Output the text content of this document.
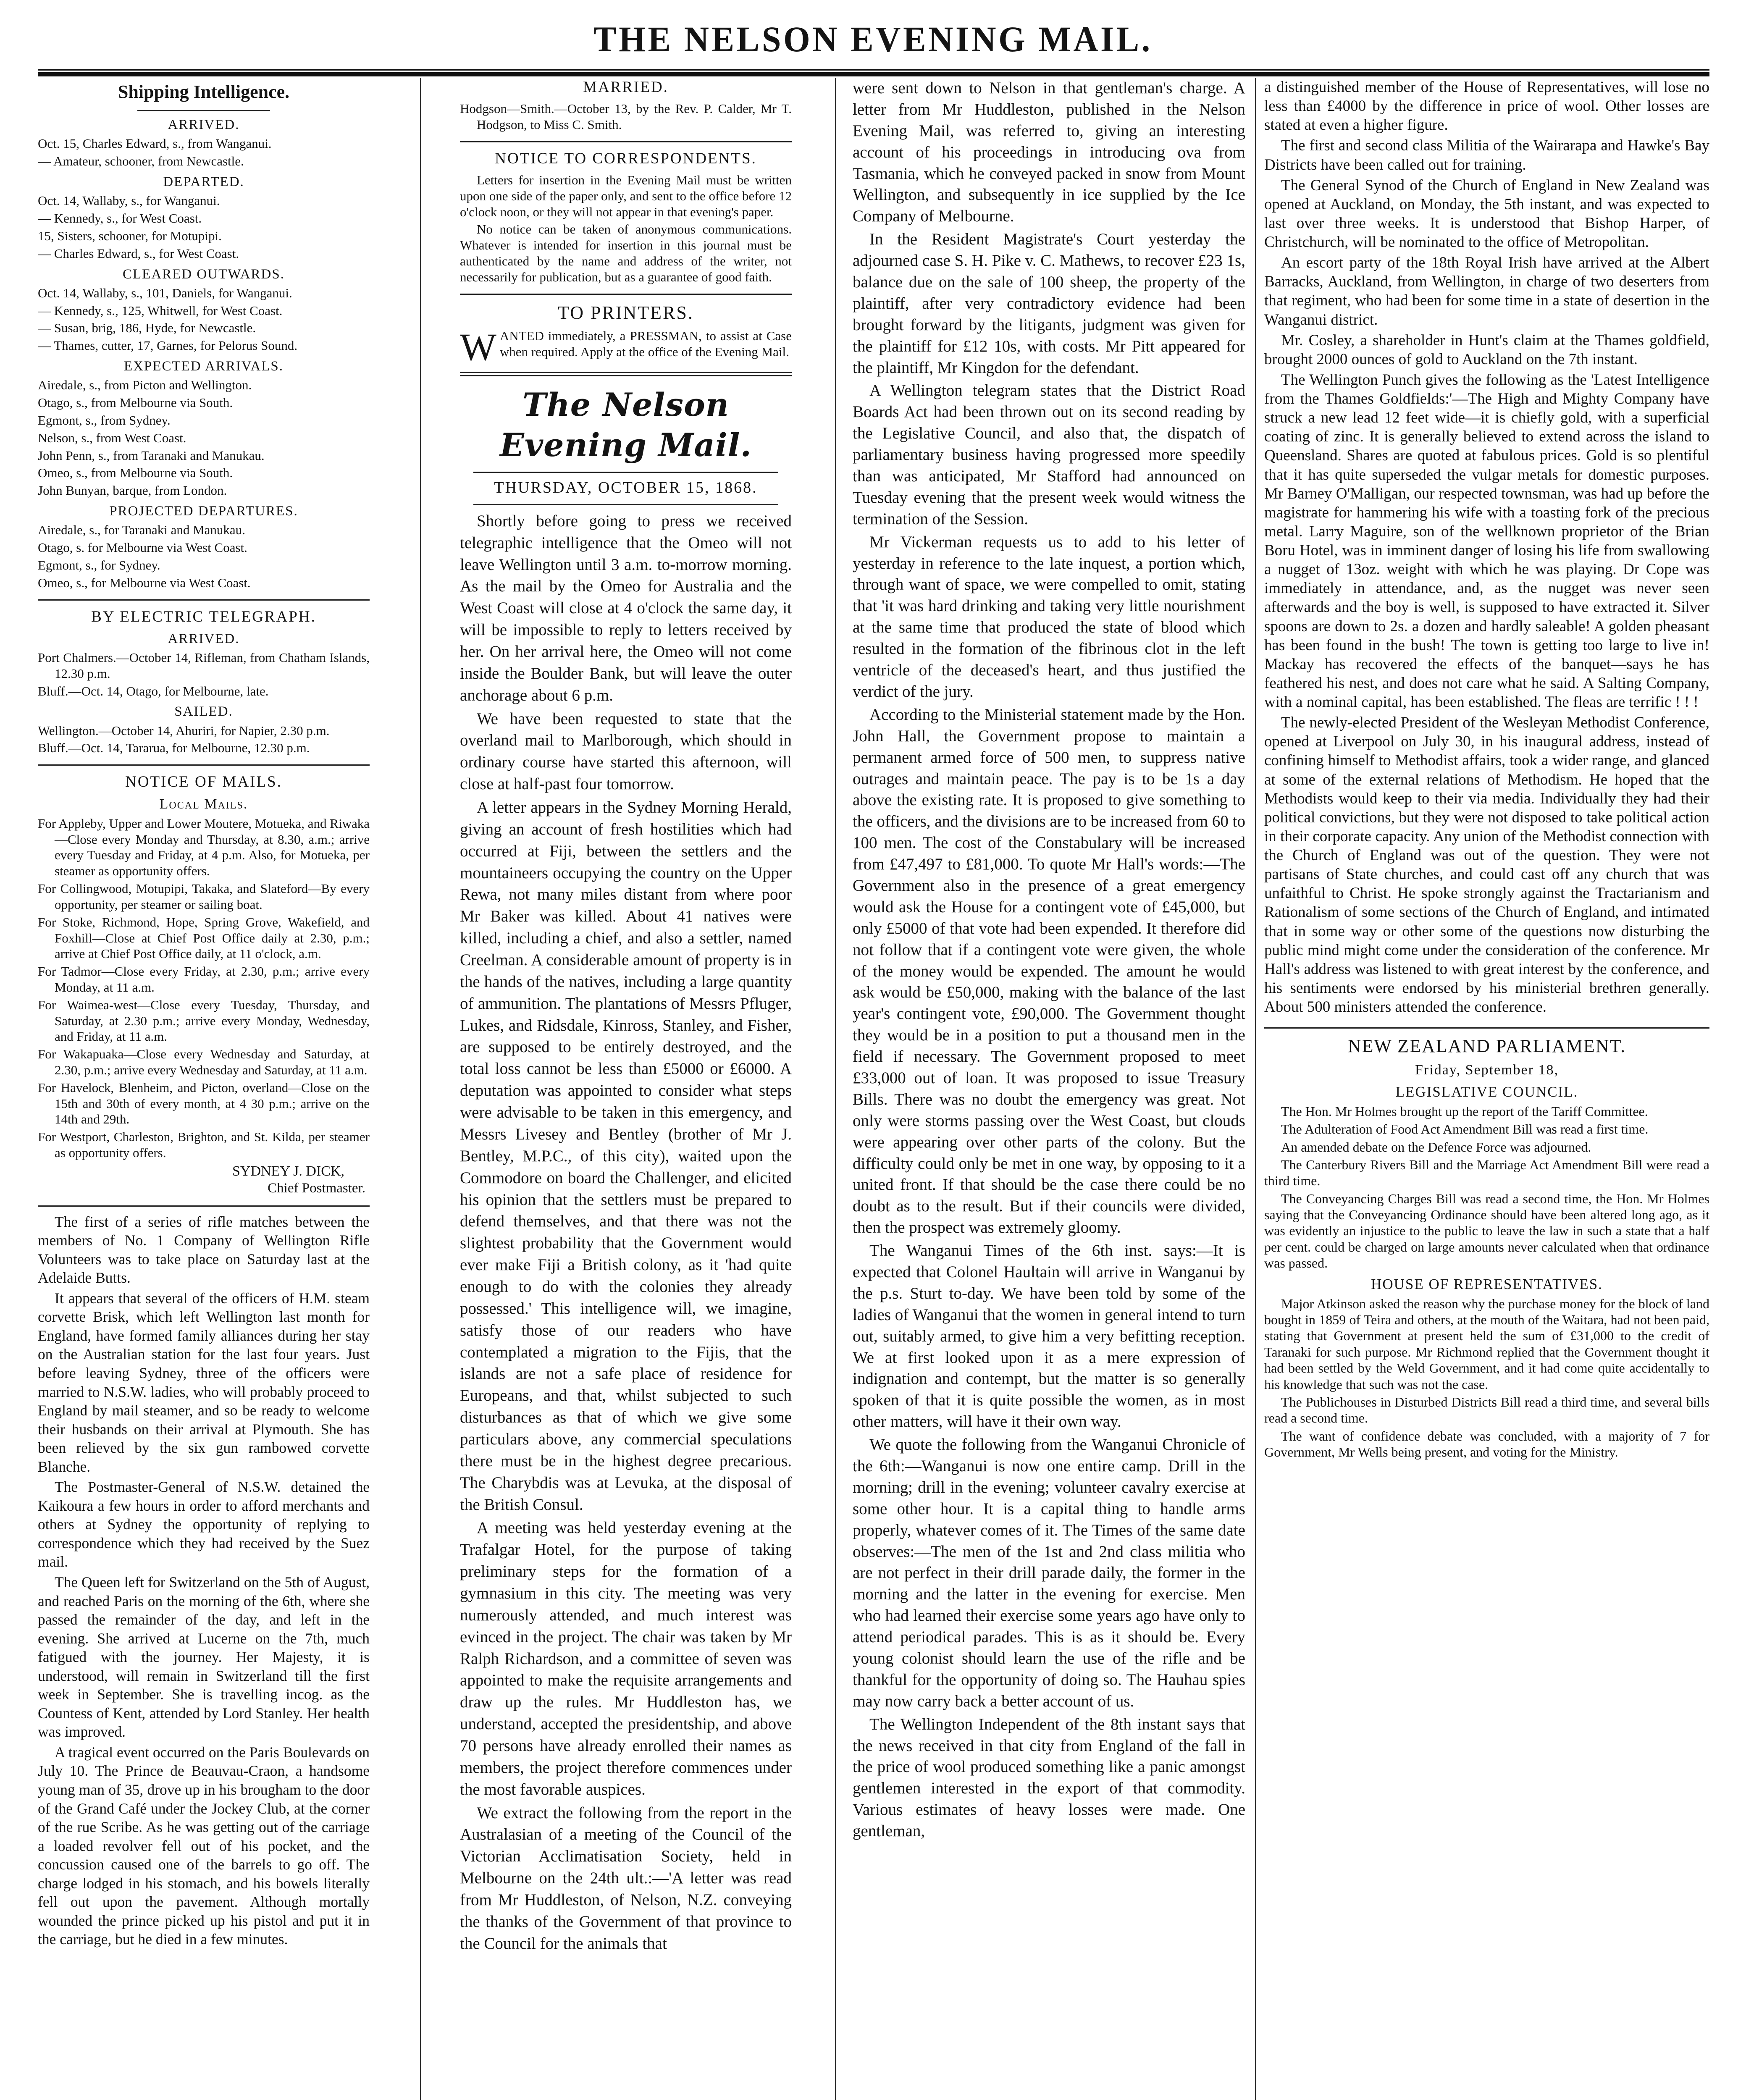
THE NELSON EVENING MAIL.
Shipping Intelligence.
ARRIVED.

Oct. 15, Charles Edward, s., from Wanganui.

— Amateur, schooner, from Newcastle.

DEPARTED.

Oct. 14, Wallaby, s., for Wanganui.

— Kennedy, s., for West Coast.

15, Sisters, schooner, for Motupipi.

— Charles Edward, s., for West Coast.

CLEARED OUTWARDS.

Oct. 14, Wallaby, s., 101, Daniels, for Wanganui.

— Kennedy, s., 125, Whitwell, for West Coast.

— Susan, brig, 186, Hyde, for Newcastle.

— Thames, cutter, 17, Garnes, for Pelorus Sound.

EXPECTED ARRIVALS.

Airedale, s., from Picton and Wellington.

Otago, s., from Melbourne via South.

Egmont, s., from Sydney.

Nelson, s., from West Coast.

John Penn, s., from Taranaki and Manukau.

Omeo, s., from Melbourne via South.

John Bunyan, barque, from London.

PROJECTED DEPARTURES.

Airedale, s., for Taranaki and Manukau.

Otago, s. for Melbourne via West Coast.

Egmont, s., for Sydney.

Omeo, s., for Melbourne via West Coast.

BY ELECTRIC TELEGRAPH.
ARRIVED.

Port Chalmers.—October 14, Rifleman, from Chatham Islands, 12.30 p.m.

Bluff.—Oct. 14, Otago, for Melbourne, late.

SAILED.

Wellington.—October 14, Ahuriri, for Napier, 2.30 p.m.

Bluff.—Oct. 14, Tararua, for Melbourne, 12.30 p.m.

NOTICE OF MAILS.
Local Mails.

For Appleby, Upper and Lower Moutere, Motueka, and Riwaka—Close every Monday and Thursday, at 8.30, a.m.; arrive every Tuesday and Friday, at 4 p.m. Also, for Motueka, per steamer as opportunity offers.

For Collingwood, Motupipi, Takaka, and Slateford—By every opportunity, per steamer or sailing boat.

For Stoke, Richmond, Hope, Spring Grove, Wakefield, and Foxhill—Close at Chief Post Office daily at 2.30, p.m.; arrive at Chief Post Office daily, at 11 o'clock, a.m.

For Tadmor—Close every Friday, at 2.30, p.m.; arrive every Monday, at 11 a.m.

For Waimea-west—Close every Tuesday, Thursday, and Saturday, at 2.30 p.m.; arrive every Monday, Wednesday, and Friday, at 11 a.m.

For Wakapuaka—Close every Wednesday and Saturday, at 2.30, p.m.; arrive every Wednesday and Saturday, at 11 a.m.

For Havelock, Blenheim, and Picton, overland—Close on the 15th and 30th of every month, at 4 30 p.m.; arrive on the 14th and 29th.

For Westport, Charleston, Brighton, and St. Kilda, per steamer as opportunity offers.

SYDNEY J. DICK,
Chief Postmaster.

The first of a series of rifle matches between the members of No. 1 Company of Wellington Rifle Volunteers was to take place on Saturday last at the Adelaide Butts.

It appears that several of the officers of H.M. steam corvette Brisk, which left Wellington last month for England, have formed family alliances during her stay on the Australian station for the last four years. Just before leaving Sydney, three of the officers were married to N.S.W. ladies, who will probably proceed to England by mail steamer, and so be ready to welcome their husbands on their arrival at Plymouth. She has been relieved by the six gun rambowed corvette Blanche.

The Postmaster-General of N.S.W. detained the Kaikoura a few hours in order to afford merchants and others at Sydney the opportunity of replying to correspondence which they had received by the Suez mail.

The Queen left for Switzerland on the 5th of August, and reached Paris on the morning of the 6th, where she passed the remainder of the day, and left in the evening. She arrived at Lucerne on the 7th, much fatigued with the journey. Her Majesty, it is understood, will remain in Switzerland till the first week in September. She is travelling incog. as the Countess of Kent, attended by Lord Stanley. Her health was improved.

A tragical event occurred on the Paris Boulevards on July 10. The Prince de Beauvau-Craon, a handsome young man of 35, drove up in his brougham to the door of the Grand Café under the Jockey Club, at the corner of the rue Scribe. As he was getting out of the carriage a loaded revolver fell out of his pocket, and the concussion caused one of the barrels to go off. The charge lodged in his stomach, and his bowels literally fell out upon the pavement. Although mortally wounded the prince picked up his pistol and put it in the carriage, but he died in a few minutes.

MARRIED.

Hodgson—Smith.—October 13, by the Rev. P. Calder, Mr T. Hodgson, to Miss C. Smith.

NOTICE TO CORRESPONDENTS.

Letters for insertion in the Evening Mail must be written upon one side of the paper only, and sent to the office before 12 o'clock noon, or they will not appear in that evening's paper.

No notice can be taken of anonymous communications. Whatever is intended for insertion in this journal must be authenticated by the name and address of the writer, not necessarily for publication, but as a guarantee of good faith.

TO PRINTERS.

WANTED immediately, a PRESSMAN, to assist at Case when required. Apply at the office of the Evening Mail.

The Nelson Evening Mail.
THURSDAY, OCTOBER 15, 1868.

Shortly before going to press we received telegraphic intelligence that the Omeo will not leave Wellington until 3 a.m. to-morrow morning. As the mail by the Omeo for Australia and the West Coast will close at 4 o'clock the same day, it will be impossible to reply to letters received by her. On her arrival here, the Omeo will not come inside the Boulder Bank, but will leave the outer anchorage about 6 p.m.

We have been requested to state that the overland mail to Marlborough, which should in ordinary course have started this afternoon, will close at half-past four tomorrow.

A letter appears in the Sydney Morning Herald, giving an account of fresh hostilities which had occurred at Fiji, between the settlers and the mountaineers occupying the country on the Upper Rewa, not many miles distant from where poor Mr Baker was killed. About 41 natives were killed, including a chief, and also a settler, named Creelman. A considerable amount of property is in the hands of the natives, including a large quantity of ammunition. The plantations of Messrs Pfluger, Lukes, and Ridsdale, Kinross, Stanley, and Fisher, are supposed to be entirely destroyed, and the total loss cannot be less than £5000 or £6000. A deputation was appointed to consider what steps were advisable to be taken in this emergency, and Messrs Livesey and Bentley (brother of Mr J. Bentley, M.P.C., of this city), waited upon the Commodore on board the Challenger, and elicited his opinion that the settlers must be prepared to defend themselves, and that there was not the slightest probability that the Government would ever make Fiji a British colony, as it 'had quite enough to do with the colonies they already possessed.' This intelligence will, we imagine, satisfy those of our readers who have contemplated a migration to the Fijis, that the islands are not a safe place of residence for Europeans, and that, whilst subjected to such disturbances as that of which we give some particulars above, any commercial speculations there must be in the highest degree precarious. The Charybdis was at Levuka, at the disposal of the British Consul.

A meeting was held yesterday evening at the Trafalgar Hotel, for the purpose of taking preliminary steps for the formation of a gymnasium in this city. The meeting was very numerously attended, and much interest was evinced in the project. The chair was taken by Mr Ralph Richardson, and a committee of seven was appointed to make the requisite arrangements and draw up the rules. Mr Huddleston has, we understand, accepted the presidentship, and above 70 persons have already enrolled their names as members, the project therefore commences under the most favorable auspices.

We extract the following from the report in the Australasian of a meeting of the Council of the Victorian Acclimatisation Society, held in Melbourne on the 24th ult.:—'A letter was read from Mr Huddleston, of Nelson, N.Z. conveying the thanks of the Government of that province to the Council for the animals that

were sent down to Nelson in that gentleman's charge. A letter from Mr Huddleston, published in the Nelson Evening Mail, was referred to, giving an interesting account of his proceedings in introducing ova from Tasmania, which he conveyed packed in snow from Mount Wellington, and subsequently in ice supplied by the Ice Company of Melbourne.

In the Resident Magistrate's Court yesterday the adjourned case S. H. Pike v. C. Mathews, to recover £23 1s, balance due on the sale of 100 sheep, the property of the plaintiff, after very contradictory evidence had been brought forward by the litigants, judgment was given for the plaintiff for £12 10s, with costs. Mr Pitt appeared for the plaintiff, Mr Kingdon for the defendant.

A Wellington telegram states that the District Road Boards Act had been thrown out on its second reading by the Legislative Council, and also that, the dispatch of parliamentary business having progressed more speedily than was anticipated, Mr Stafford had announced on Tuesday evening that the present week would witness the termination of the Session.

Mr Vickerman requests us to add to his letter of yesterday in reference to the late inquest, a portion which, through want of space, we were compelled to omit, stating that 'it was hard drinking and taking very little nourishment at the same time that produced the state of blood which resulted in the formation of the fibrinous clot in the left ventricle of the deceased's heart, and thus justified the verdict of the jury.

According to the Ministerial statement made by the Hon. John Hall, the Government propose to maintain a permanent armed force of 500 men, to suppress native outrages and maintain peace. The pay is to be 1s a day above the existing rate. It is proposed to give something to the officers, and the divisions are to be increased from 60 to 100 men. The cost of the Constabulary will be increased from £47,497 to £81,000. To quote Mr Hall's words:—The Government also in the presence of a great emergency would ask the House for a contingent vote of £45,000, but only £5000 of that vote had been expended. It therefore did not follow that if a contingent vote were given, the whole of the money would be expended. The amount he would ask would be £50,000, making with the balance of the last year's contingent vote, £90,000. The Government thought they would be in a position to put a thousand men in the field if necessary. The Government proposed to meet £33,000 out of loan. It was proposed to issue Treasury Bills. There was no doubt the emergency was great. Not only were storms passing over the West Coast, but clouds were appearing over other parts of the colony. But the difficulty could only be met in one way, by opposing to it a united front. If that should be the case there could be no doubt as to the result. But if their councils were divided, then the prospect was extremely gloomy.

The Wanganui Times of the 6th inst. says:—It is expected that Colonel Haultain will arrive in Wanganui by the p.s. Sturt to-day. We have been told by some of the ladies of Wanganui that the women in general intend to turn out, suitably armed, to give him a very befitting reception. We at first looked upon it as a mere expression of indignation and contempt, but the matter is so generally spoken of that it is quite possible the women, as in most other matters, will have it their own way.

We quote the following from the Wanganui Chronicle of the 6th:—Wanganui is now one entire camp. Drill in the morning; drill in the evening; volunteer cavalry exercise at some other hour. It is a capital thing to handle arms properly, whatever comes of it. The Times of the same date observes:—The men of the 1st and 2nd class militia who are not perfect in their drill parade daily, the former in the morning and the latter in the evening for exercise. Men who had learned their exercise some years ago have only to attend periodical parades. This is as it should be. Every young colonist should learn the use of the rifle and be thankful for the opportunity of doing so. The Hauhau spies may now carry back a better account of us.

The Wellington Independent of the 8th instant says that the news received in that city from England of the fall in the price of wool produced something like a panic amongst gentlemen interested in the export of that commodity. Various estimates of heavy losses were made. One gentleman,

a distinguished member of the House of Representatives, will lose no less than £4000 by the difference in price of wool. Other losses are stated at even a higher figure.

The first and second class Militia of the Wairarapa and Hawke's Bay Districts have been called out for training.

The General Synod of the Church of England in New Zealand was opened at Auckland, on Monday, the 5th instant, and was expected to last over three weeks. It is understood that Bishop Harper, of Christchurch, will be nominated to the office of Metropolitan.

An escort party of the 18th Royal Irish have arrived at the Albert Barracks, Auckland, from Wellington, in charge of two deserters from that regiment, who had been for some time in a state of desertion in the Wanganui district.

Mr. Cosley, a shareholder in Hunt's claim at the Thames goldfield, brought 2000 ounces of gold to Auckland on the 7th instant.

The Wellington Punch gives the following as the 'Latest Intelligence from the Thames Goldfields:'—The High and Mighty Company have struck a new lead 12 feet wide—it is chiefly gold, with a superficial coating of zinc. It is generally believed to extend across the island to Queensland. Shares are quoted at fabulous prices. Gold is so plentiful that it has quite superseded the vulgar metals for domestic purposes. Mr Barney O'Malligan, our respected townsman, was had up before the magistrate for hammering his wife with a toasting fork of the precious metal. Larry Maguire, son of the wellknown proprietor of the Brian Boru Hotel, was in imminent danger of losing his life from swallowing a nugget of 13oz. weight with which he was playing. Dr Cope was immediately in attendance, and, as the nugget was never seen afterwards and the boy is well, is supposed to have extracted it. Silver spoons are down to 2s. a dozen and hardly saleable! A golden pheasant has been found in the bush! The town is getting too large to live in! Mackay has recovered the effects of the banquet—says he has feathered his nest, and does not care what he said. A Salting Company, with a nominal capital, has been established. The fleas are terrific ! ! !

The newly-elected President of the Wesleyan Methodist Conference, opened at Liverpool on July 30, in his inaugural address, instead of confining himself to Methodist affairs, took a wider range, and glanced at some of the external relations of Methodism. He hoped that the Methodists would keep to their via media. Individually they had their political convictions, but they were not disposed to take political action in their corporate capacity. Any union of the Methodist connection with the Church of England was out of the question. They were not partisans of State churches, and could cast off any church that was unfaithful to Christ. He spoke strongly against the Tractarianism and Rationalism of some sections of the Church of England, and intimated that in some way or other some of the questions now disturbing the public mind might come under the consideration of the conference. Mr Hall's address was listened to with great interest by the conference, and his sentiments were endorsed by his ministerial brethren generally. About 500 ministers attended the conference.

NEW ZEALAND PARLIAMENT.
Friday, September 18,
LEGISLATIVE COUNCIL.

The Hon. Mr Holmes brought up the report of the Tariff Committee.

The Adulteration of Food Act Amendment Bill was read a first time.

An amended debate on the Defence Force was adjourned.

The Canterbury Rivers Bill and the Marriage Act Amendment Bill were read a third time.

The Conveyancing Charges Bill was read a second time, the Hon. Mr Holmes saying that the Conveyancing Ordinance should have been altered long ago, as it was evidently an injustice to the public to leave the law in such a state that a half per cent. could be charged on large amounts never calculated when that ordinance was passed.

HOUSE OF REPRESENTATIVES.

Major Atkinson asked the reason why the purchase money for the block of land bought in 1859 of Teira and others, at the mouth of the Waitara, had not been paid, stating that Government at present held the sum of £31,000 to the credit of Taranaki for such purpose. Mr Richmond replied that the Government thought it had been settled by the Weld Government, and it had come quite accidentally to his knowledge that such was not the case.

The Publichouses in Disturbed Districts Bill read a third time, and several bills read a second time.

The want of confidence debate was concluded, with a majority of 7 for Government, Mr Wells being present, and voting for the Ministry.
